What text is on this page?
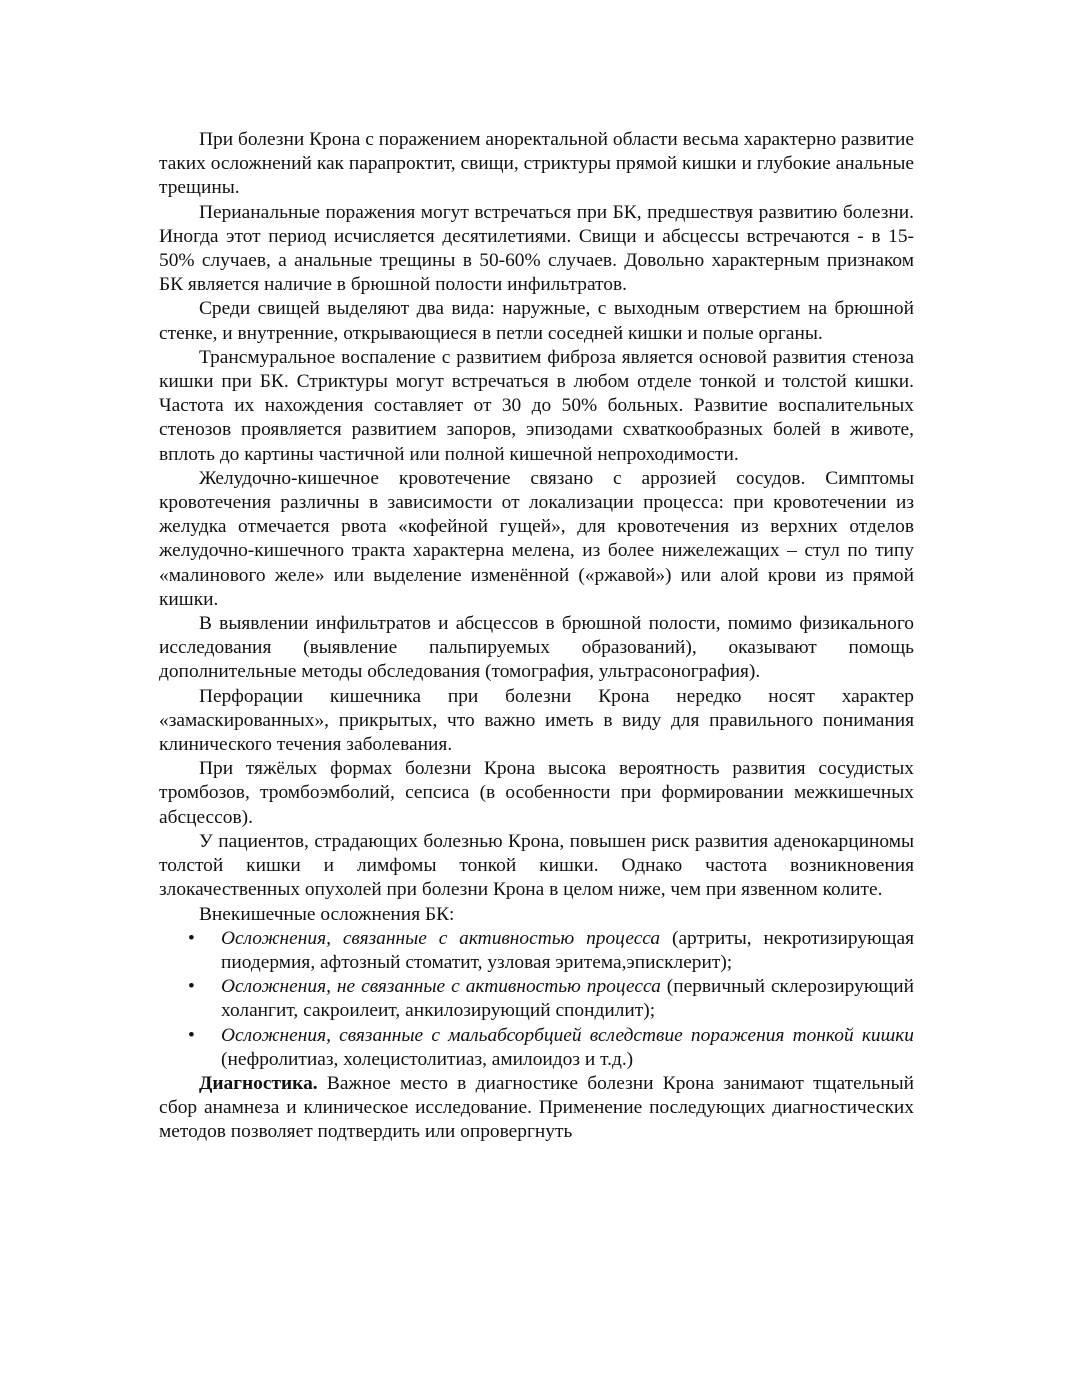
При болезни Крона с поражением аноректальной области весьма характерно развитие таких осложнений как парапроктит, свищи, стриктуры прямой кишки и глубокие анальные трещины.

Перианальные поражения могут встречаться при БК, предшествуя развитию болезни. Иногда этот период исчисляется десятилетиями. Свищи и абсцессы встречаются - в 15-50% случаев, а анальные трещины в 50-60% случаев. Довольно характерным признаком БК является наличие в брюшной полости инфильтратов.

Среди свищей выделяют два вида: наружные, с выходным отверстием на брюшной стенке, и внутренние, открывающиеся в петли соседней кишки и полые органы.

Трансмуральное воспаление с развитием фиброза является основой развития стеноза кишки при БК. Стриктуры могут встречаться в любом отделе тонкой и толстой кишки. Частота их нахождения составляет от 30 до 50% больных. Развитие воспалительных стенозов проявляется развитием запоров, эпизодами схваткообразных болей в животе, вплоть до картины частичной или полной кишечной непроходимости.

Желудочно-кишечное кровотечение связано с аррозией сосудов. Симптомы кровотечения различны в зависимости от локализации процесса: при кровотечении из желудка отмечается рвота «кофейной гущей», для кровотечения из верхних отделов желудочно-кишечного тракта характерна мелена, из более нижележащих – стул по типу «малинового желе» или выделение изменённой («ржавой») или алой крови из прямой кишки.

В выявлении инфильтратов и абсцессов в брюшной полости, помимо физикального исследования (выявление пальпируемых образований), оказывают помощь дополнительные методы обследования (томография, ультрасонография).

Перфорации кишечника при болезни Крона нередко носят характер «замаскированных», прикрытых, что важно иметь в виду для правильного понимания клинического течения заболевания.

При тяжёлых формах болезни Крона высока вероятность развития сосудистых тромбозов, тромбоэмболий, сепсиса (в особенности при формировании межкишечных абсцессов).

У пациентов, страдающих болезнью Крона, повышен риск развития аденокарциномы толстой кишки и лимфомы тонкой кишки. Однако частота возникновения злокачественных опухолей при болезни Крона в целом ниже, чем при язвенном колите.

Внекишечные осложнения БК:

• Осложнения, связанные с активностью процесса (артриты, некротизирующая пиодермия, афтозный стоматит, узловая эритема,эписклерит);
• Осложнения, не связанные с активностью процесса (первичный склерозирующий холангит, сакроилеит, анкилозирующий спондилит);
• Осложнения, связанные с мальабсорбцией вследствие поражения тонкой кишки (нефролитиаз, холецистолитиаз, амилоидоз и т.д.)

Диагностика. Важное место в диагностике болезни Крона занимают тщательный сбор анамнеза и клиническое исследование. Применение последующих диагностических методов позволяет подтвердить или опровергнуть
